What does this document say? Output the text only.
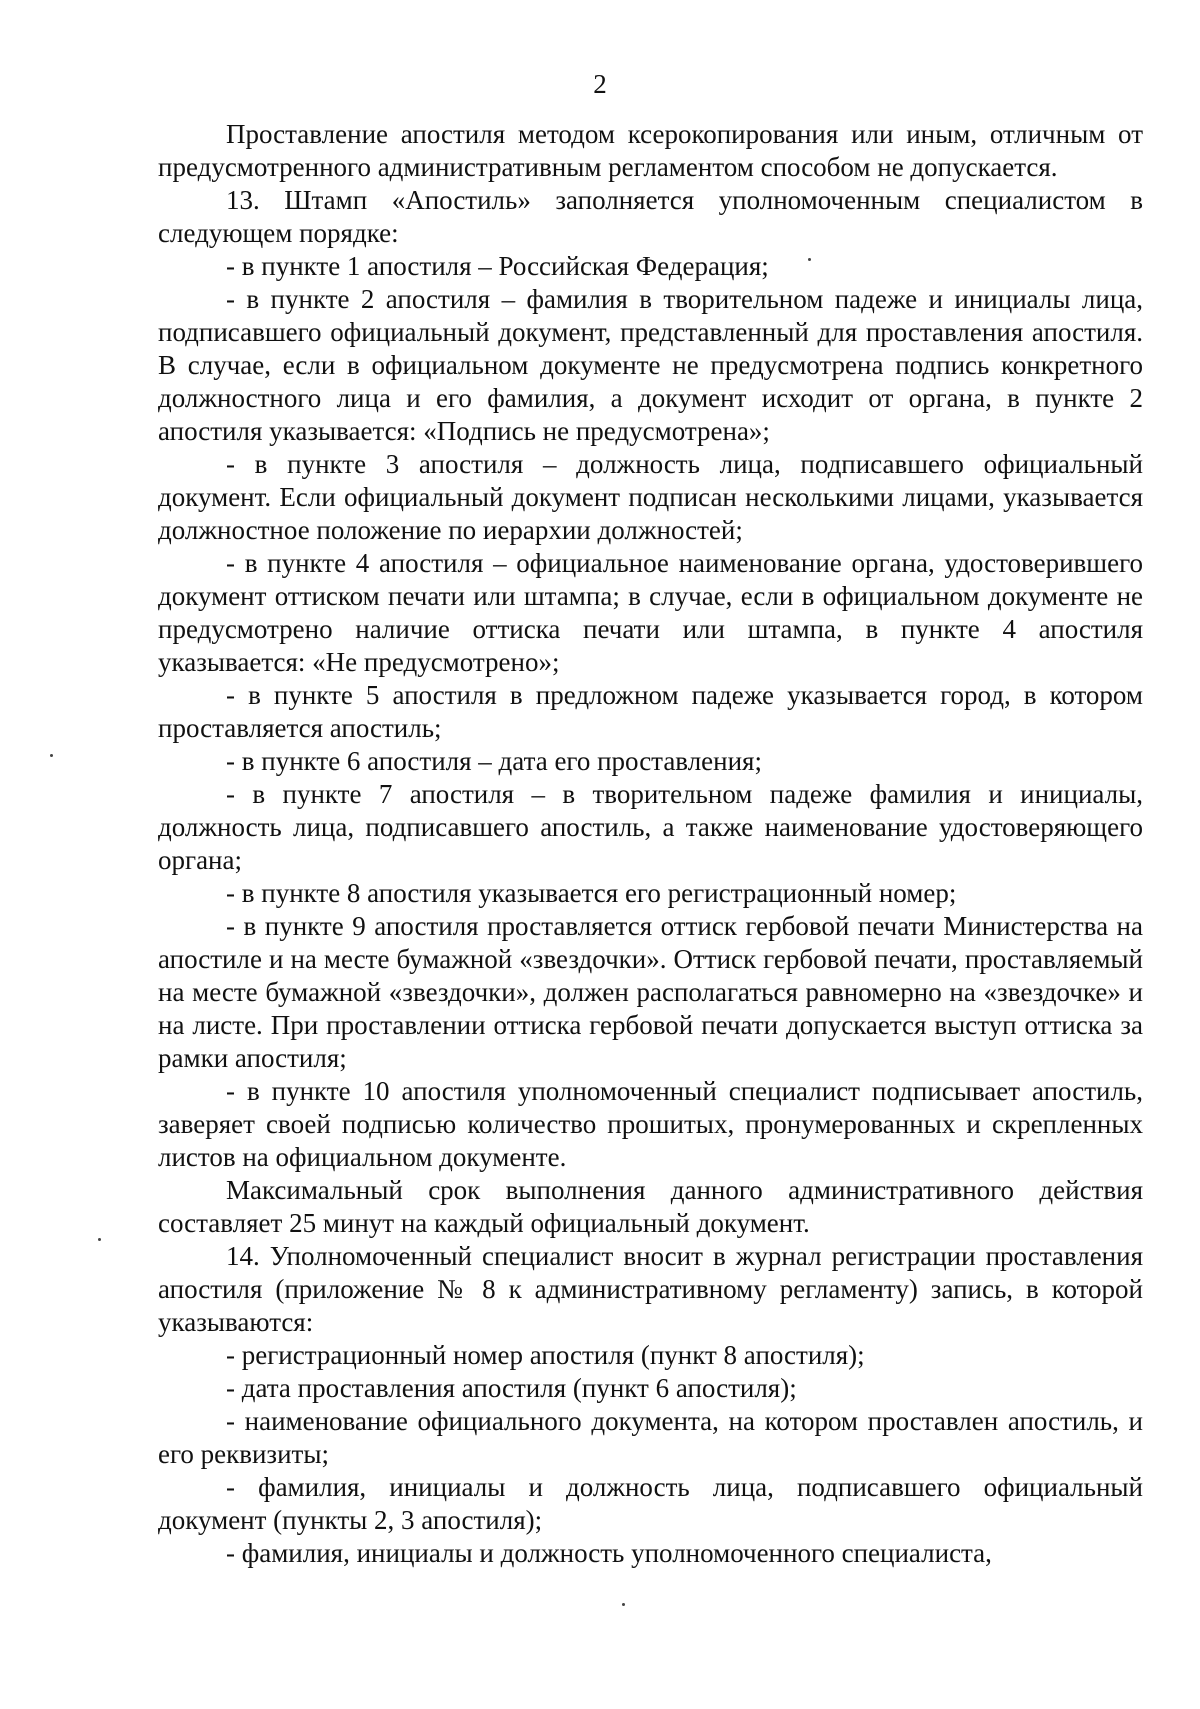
2

Проставление апостиля методом ксерокопирования или иным, отличным от предусмотренного административным регламентом способом не допускается.

13. Штамп «Апостиль» заполняется уполномоченным специалистом в следующем порядке:

- в пункте 1 апостиля – Российская Федерация;

- в пункте 2 апостиля – фамилия в творительном падеже и инициалы лица, подписавшего официальный документ, представленный для проставления апостиля. В случае, если в официальном документе не предусмотрена подпись конкретного должностного лица и его фамилия, а документ исходит от органа, в пункте 2 апостиля указывается: «Подпись не предусмотрена»;

- в пункте 3 апостиля – должность лица, подписавшего официальный документ. Если официальный документ подписан несколькими лицами, указывается должностное положение по иерархии должностей;

- в пункте 4 апостиля – официальное наименование органа, удостоверившего документ оттиском печати или штампа; в случае, если в официальном документе не предусмотрено наличие оттиска печати или штампа, в пункте 4 апостиля указывается: «Не предусмотрено»;

- в пункте 5 апостиля в предложном падеже указывается город, в котором проставляется апостиль;

- в пункте 6 апостиля – дата его проставления;

- в пункте 7 апостиля – в творительном падеже фамилия и инициалы, должность лица, подписавшего апостиль, а также наименование удостоверяющего органа;

- в пункте 8 апостиля указывается его регистрационный номер;

- в пункте 9 апостиля проставляется оттиск гербовой печати Министерства на апостиле и на месте бумажной «звездочки». Оттиск гербовой печати, проставляемый на месте бумажной «звездочки», должен располагаться равномерно на «звездочке» и на листе. При проставлении оттиска гербовой печати допускается выступ оттиска за рамки апостиля;

- в пункте 10 апостиля уполномоченный специалист подписывает апостиль, заверяет своей подписью количество прошитых, пронумерованных и скрепленных листов на официальном документе.

Максимальный срок выполнения данного административного действия составляет 25 минут на каждый официальный документ.

14. Уполномоченный специалист вносит в журнал регистрации проставления апостиля (приложение № 8 к административному регламенту) запись, в которой указываются:

- регистрационный номер апостиля (пункт 8 апостиля);

- дата проставления апостиля (пункт 6 апостиля);

- наименование официального документа, на котором проставлен апостиль, и его реквизиты;

- фамилия, инициалы и должность лица, подписавшего официальный документ (пункты 2, 3 апостиля);

- фамилия, инициалы и должность уполномоченного специалиста,
